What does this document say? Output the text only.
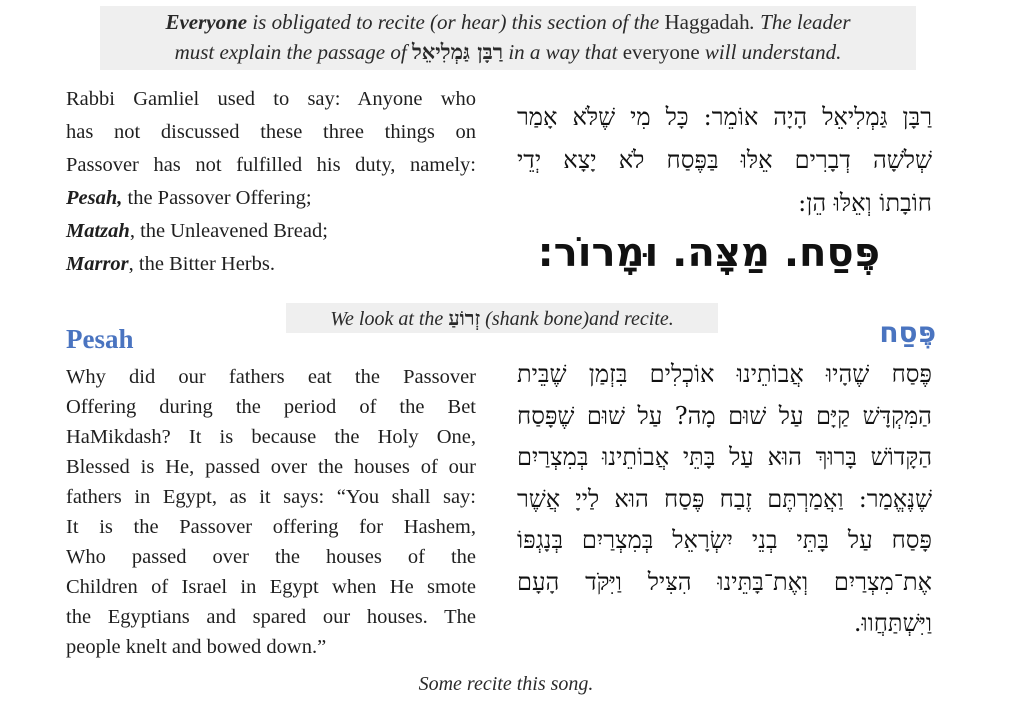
Everyone is obligated to recite (or hear) this section of the Haggadah. The leader
must explain the passage of רַבָּן גַּמְלִיאֵל in a way that everyone will understand.
Rabbi Gamliel used to say: Anyone who
has not discussed these three things on
Passover has not fulfilled his duty, namely:
Pesah, the Passover Offering;
Matzah, the Unleavened Bread;
Marror, the Bitter Herbs.
רַבָּן גַּמְלִיאֵל הָיָה אוֹמֵר: כָּל מִי שֶׁלֹּא אָמַר
שְׁלֹשָׁה דְבָרִים אֵלּוּ בַּפֶּסַח לֹא יָצָא יְדֵי
חוֹבָתוֹ וְאֵלּוּ הֵן:
פֶּסַח. מַצָּה. וּמָרוֹר:
We look at the זְרוֹעַ (shank bone)and recite.
Pesah	פֶּסַח
Why did our fathers eat the Passover
Offering during the period of the Bet
HaMikdash? It is because the Holy One,
Blessed is He, passed over the houses of our
fathers in Egypt, as it says: “You shall say:
It is the Passover offering for Hashem,
Who passed over the houses of the
Children of Israel in Egypt when He smote
the Egyptians and spared our houses. The
people knelt and bowed down.”
פֶּסַח שֶׁהָיוּ אֲבוֹתֵינוּ אוֹכְלִים בִּזְמַן שֶׁבֵּית
הַמִּקְדָּשׁ קַיָּם עַל שׁוּם מָה? עַל שׁוּם שֶׁפָּסַח
הַקָּדוֹשׁ בָּרוּךְ הוּא עַל בָּתֵּי אֲבוֹתֵינוּ בְּמִצְרַיִם
שֶׁנֶּאֱמַר: וַאֲמַרְתֶּם זֶבַח פֶּסַח הוּא לַייָ אֲשֶׁר
פָּסַח עַל בָּתֵּי בְנֵי יִשְׂרָאֵל בְּמִצְרַיִם בְּנָגְפּוֹ
אֶת־מִצְרַיִם וְאֶת־בָּתֵּינוּ הִצִּיל וַיִּקֹּד הָעָם
וַיִּשְׁתַּחֲווּ.
Some recite this song.
